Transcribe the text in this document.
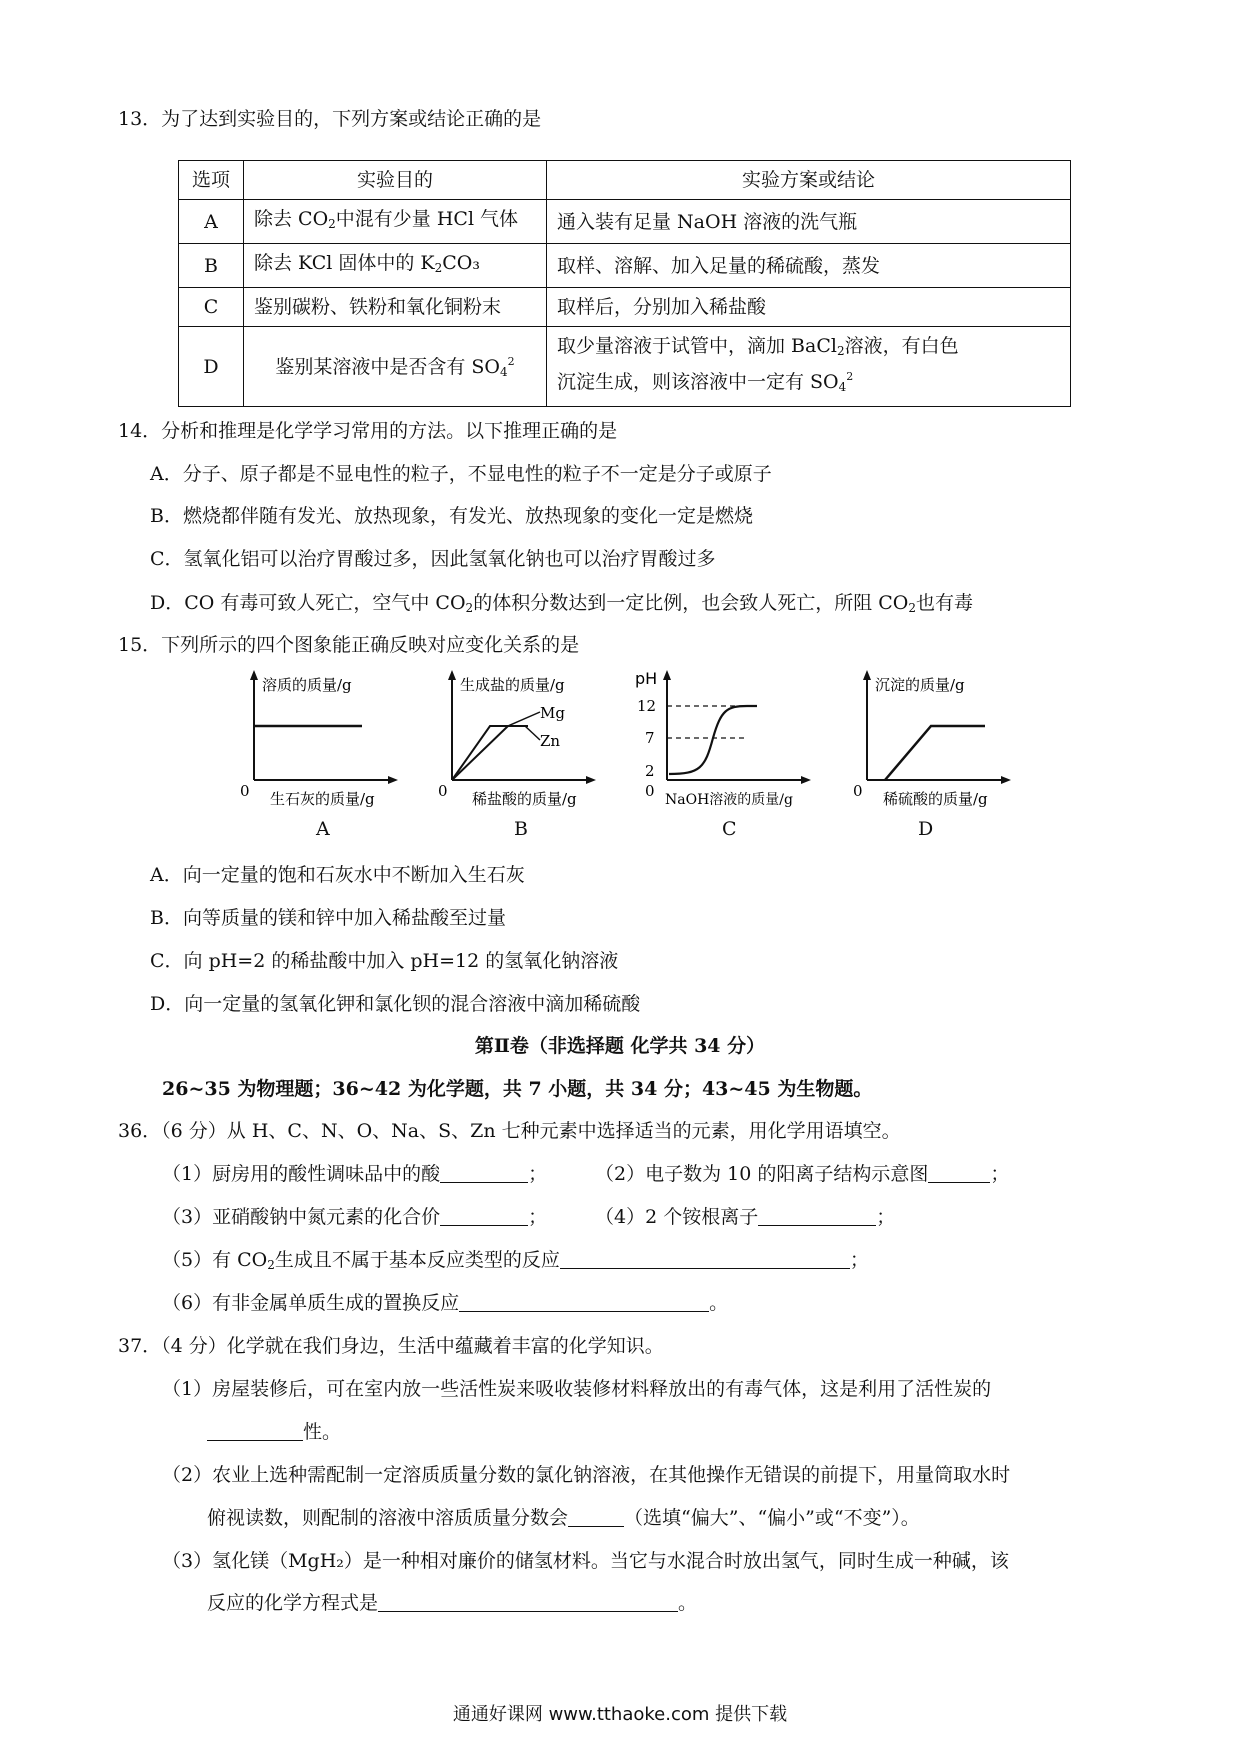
13．为了达到实验目的，下列方案或结论正确的是
选项	实验目的	实验方案或结论
A	除去 $CO_2$中混有少量 HCl 气体	通入装有足量 NaOH 溶液的洗气瓶
B	除去 KCl 固体中的 $K_2CO_3$	取样、溶解、加入足量的稀硫酸，蒸发
C	鉴别碳粉、铁粉和氧化铜粉末	取样后，分别加入稀盐酸
D	鉴别某溶液中是否含有 $SO_4^2$	取少量溶液于试管中，滴加 BaCl$_2$溶液，有白色
沉淀生成，则该溶液中一定有 $SO_4^2$
14．分析和推理是化学学习常用的方法。以下推理正确的是
A．分子、原子都是不显电性的粒子，不显电性的粒子不一定是分子或原子
B．燃烧都伴随有发光、放热现象，有发光、放热现象的变化一定是燃烧
C．氢氧化铝可以治疗胃酸过多，因此氢氧化钠也可以治疗胃酸过多
D．CO 有毒可致人死亡，空气中 $CO_2$的体积分数达到一定比例，也会致人死亡，所阻 $CO_2$也有毒
15．下列所示的四个图象能正确反映对应变化关系的是
溶质的质量/g
0 生石灰的质量/g
生成盐的质量/g
Mg
Zn
0 稀盐酸的质量/g
pH
12
7
2
0 NaOH溶液的质量/g
沉淀的质量/g
0 稀硫酸的质量/g
A	B	C	D
A．向一定量的饱和石灰水中不断加入生石灰
B．向等质量的镁和锌中加入稀盐酸至过量
C．向 pH=2 的稀盐酸中加入 pH=12 的氢氧化钠溶液
D．向一定量的氢氧化钾和氯化钡的混合溶液中滴加稀硫酸
第Ⅱ卷（非选择题 化学共 34 分）
26~35 为物理题；36~42 为化学题，共 7 小题，共 34 分；43~45 为生物题。
36．（6 分）从 H、C、N、O、Na、S、Zn 七种元素中选择适当的元素，用化学用语填空。
（1）厨房用的酸性调味品中的酸	；	（2）电子数为 10 的阳离子结构示意图	；
（3）亚硝酸钠中氮元素的化合价	；	（4）2 个铵根离子	；
（5）有 $CO_2$生成且不属于基本反应类型的反应	；
（6）有非金属单质生成的置换反应	。
37．（4 分）化学就在我们身边，生活中蕴藏着丰富的化学知识。
（1）房屋装修后，可在室内放一些活性炭来吸收装修材料释放出的有毒气体，这是利用了活性炭的
性。
（2）农业上选种需配制一定溶质质量分数的氯化钠溶液，在其他操作无错误的前提下，用量筒取水时
俯视读数，则配制的溶液中溶质质量分数会	（选填“偏大”、“偏小”或“不变”）。
（3）氢化镁（MgH₂）是一种相对廉价的储氢材料。当它与水混合时放出氢气，同时生成一种碱，该
反应的化学方程式是	。
通通好课网 www.tthaoke.com 提供下载
